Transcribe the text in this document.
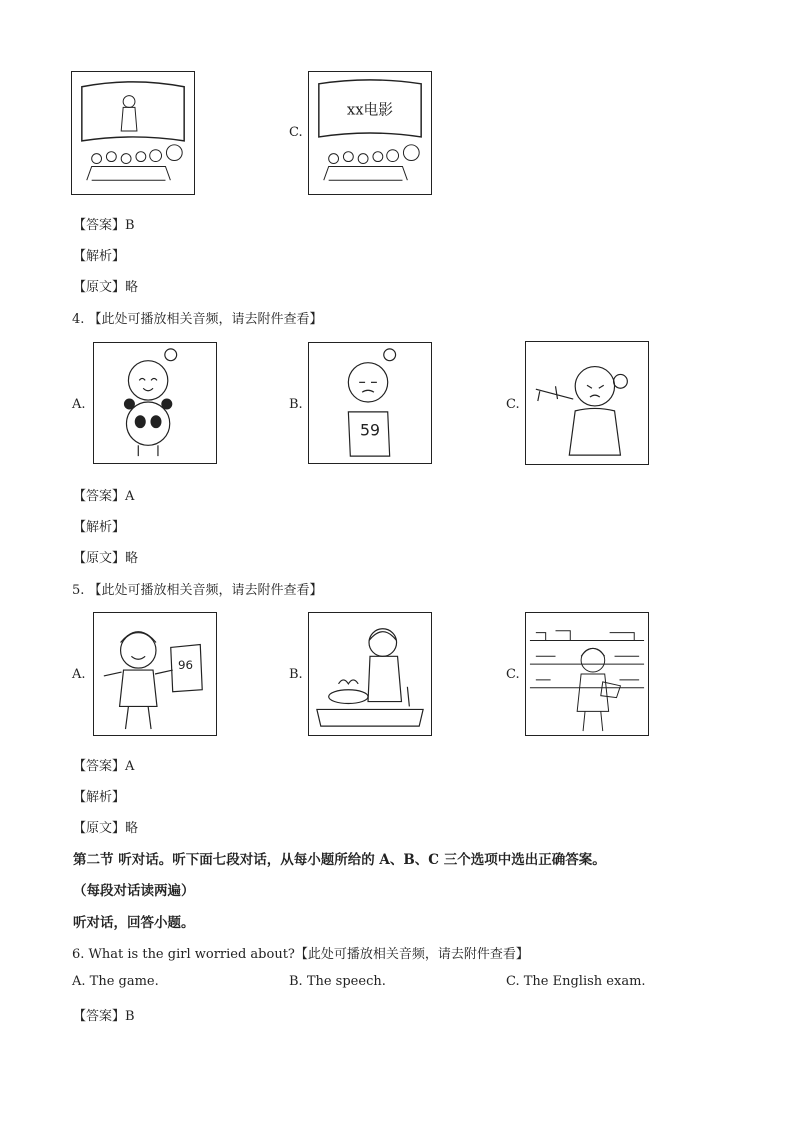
C.
xx电影
【答案】B
【解析】
【原文】略
4. 【此处可播放相关音频，请去附件查看】
A.	B.
59
C.
【答案】A
【解析】
【原文】略
5. 【此处可播放相关音频，请去附件查看】
A.
96
B.	C.
【答案】A
【解析】
【原文】略
第二节 听对话。听下面七段对话，从每小题所给的 A、B、C 三个选项中选出正确答案。
（每段对话读两遍）
听对话，回答小题。
6. What is the girl worried about?【此处可播放相关音频，请去附件查看】
A. The game.	B. The speech.	C. The English exam.
【答案】B
